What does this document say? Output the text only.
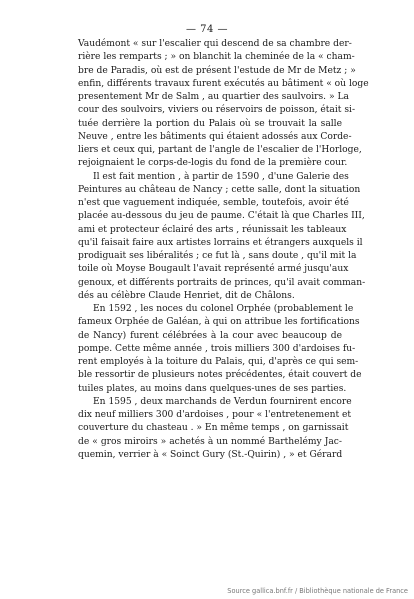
— 74 —

Vaudémont « sur l'escalier qui descend de sa chambre der-
rière les remparts ; » on blanchit la cheminée de la « cham-
bre de Paradis, où est de présent l'estude de Mr de Metz ; »
enfin, différents travaux furent exécutés au bâtiment « où loge
presentement Mr de Salm , au quartier des saulvoirs. » La
cour des soulvoirs, viviers ou réservoirs de poisson, était si-
tuée derrière la portion du Palais où se trouvait la salle
Neuve , entre les bâtiments qui étaient adossés aux Corde-
liers et ceux qui, partant de l'angle de l'escalier de l'Horloge,
rejoignaient le corps-de-logis du fond de la première cour.

Il est fait mention , à partir de 1590 , d'une Galerie des
Peintures au château de Nancy ; cette salle, dont la situation
n'est que vaguement indiquée, semble, toutefois, avoir été
placée au-dessous du jeu de paume. C'était là que Charles III,
ami et protecteur éclairé des arts , réunissait les tableaux
qu'il faisait faire aux artistes lorrains et étrangers auxquels il
prodiguait ses libéralités ; ce fut là , sans doute , qu'il mit la
toile où Moyse Bougault l'avait représenté armé jusqu'aux
genoux, et différents portraits de princes, qu'il avait comman-
dés au célèbre Claude Henriet, dit de Châlons.

En 1592 , les noces du colonel Orphée (probablement le
fameux Orphée de Galéan, à qui on attribue les fortifications
de Nancy) furent célébrées à la cour avec beaucoup de
pompe. Cette même année , trois milliers 300 d'ardoises fu-
rent employés à la toiture du Palais, qui, d'après ce qui sem-
ble ressortir de plusieurs notes précédentes, était couvert de
tuiles plates, au moins dans quelques-unes de ses parties.

En 1595 , deux marchands de Verdun fournirent encore
dix neuf milliers 300 d'ardoises , pour « l'entretenement et
couverture du chasteau . » En même temps , on garnissait
de « gros miroirs » achetés à un nommé Barthelémy Jac-
quemin, verrier à « Soinct Gury (St.-Quirin) , » et Gérard

Source gallica.bnf.fr / Bibliothèque nationale de France
